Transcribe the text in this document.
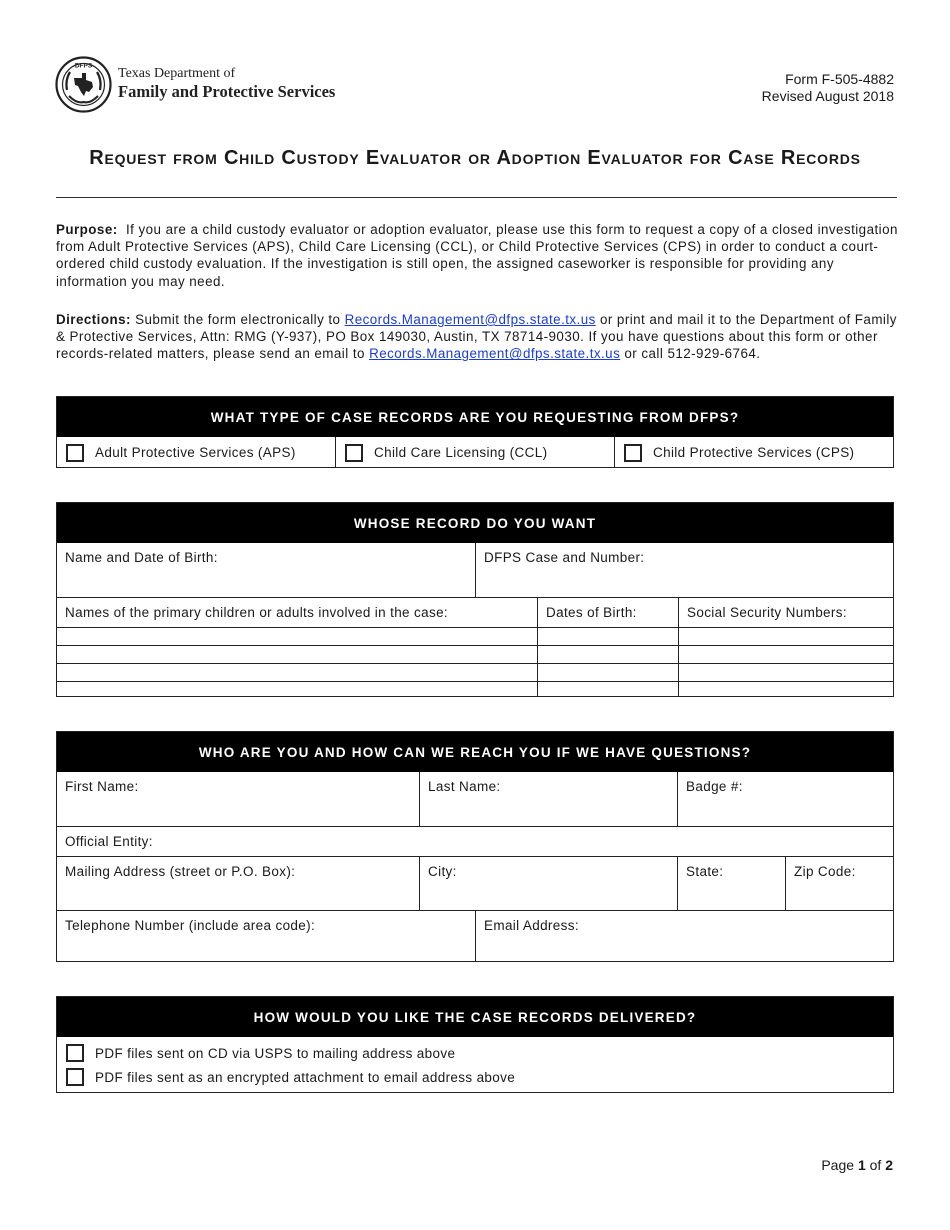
DFPS
Texas Department of
Family and Protective Services
Form F-505-4882
Revised August 2018
Request from Child Custody Evaluator or Adoption Evaluator for Case Records
Purpose: If you are a child custody evaluator or adoption evaluator, please use this form to request a copy of a closed investigation from Adult Protective Services (APS), Child Care Licensing (CCL), or Child Protective Services (CPS) in order to conduct a court-ordered child custody evaluation. If the investigation is still open, the assigned caseworker is responsible for providing any information you may need.
Directions: Submit the form electronically to Records.Management@dfps.state.tx.us or print and mail it to the Department of Family & Protective Services, Attn: RMG (Y-937), PO Box 149030, Austin, TX 78714-9030. If you have questions about this form or other records-related matters, please send an email to Records.Management@dfps.state.tx.us or call 512-929-6764.
WHAT TYPE OF CASE RECORDS ARE YOU REQUESTING FROM DFPS?
Adult Protective Services (APS)	Child Care Licensing (CCL)	Child Protective Services (CPS)
WHOSE RECORD DO YOU WANT
Name and Date of Birth:	DFPS Case and Number:
Names of the primary children or adults involved in the case:	Dates of Birth:	Social Security Numbers:
WHO ARE YOU AND HOW CAN WE REACH YOU IF WE HAVE QUESTIONS?
First Name:	Last Name:	Badge #:
Official Entity:
Mailing Address (street or P.O. Box):	City:	State:	Zip Code:
Telephone Number (include area code):	Email Address:
HOW WOULD YOU LIKE THE CASE RECORDS DELIVERED?
PDF files sent on CD via USPS to mailing address above
PDF files sent as an encrypted attachment to email address above
Page 1 of 2
